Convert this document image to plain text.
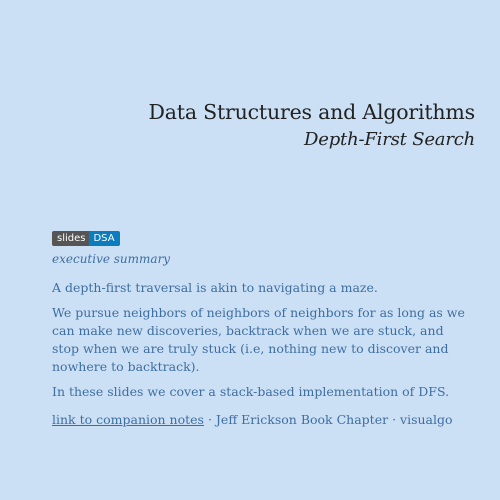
Data Structures and Algorithms
Depth-First Search
slides DSA
executive summary
A depth-first traversal is akin to navigating a maze.
We pursue neighbors of neighbors of neighbors for as long as we can make new discoveries, backtrack when we are stuck, and stop when we are truly stuck (i.e, nothing new to discover and nowhere to backtrack).
In these slides we cover a stack-based implementation of DFS.
link to companion notes · Jeff Erickson Book Chapter · visualgo
